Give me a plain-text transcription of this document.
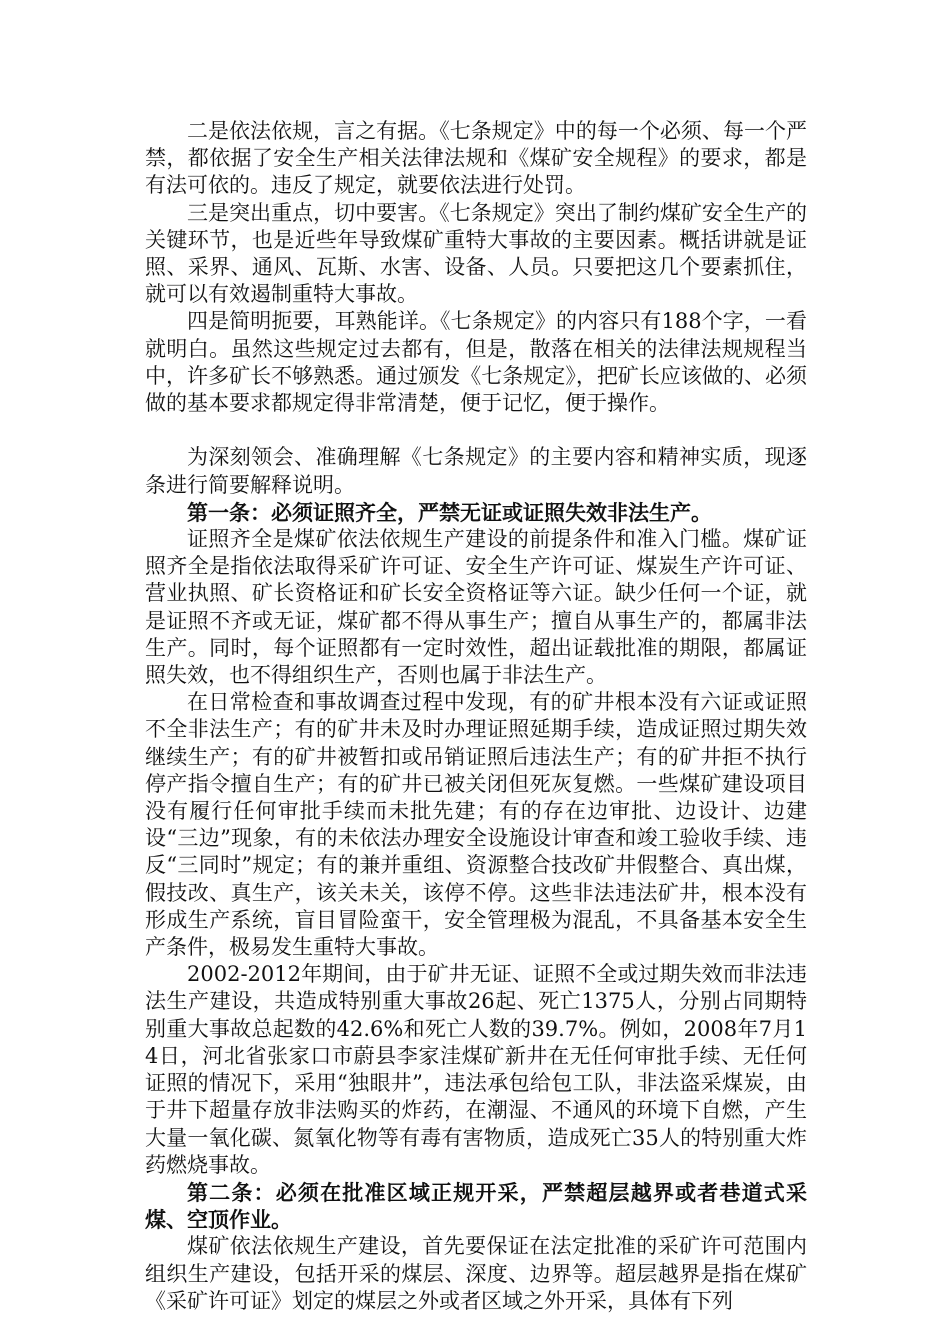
二是依法依规，言之有据。《七条规定》中的每一个必须、每一个严禁，都依据了安全生产相关法律法规和《煤矿安全规程》的要求，都是有法可依的。违反了规定，就要依法进行处罚。

三是突出重点，切中要害。《七条规定》突出了制约煤矿安全生产的关键环节，也是近些年导致煤矿重特大事故的主要因素。概括讲就是证照、采界、通风、瓦斯、水害、设备、人员。只要把这几个要素抓住，就可以有效遏制重特大事故。

四是简明扼要，耳熟能详。《七条规定》的内容只有188个字，一看就明白。虽然这些规定过去都有，但是，散落在相关的法律法规规程当中，许多矿长不够熟悉。通过颁发《七条规定》，把矿长应该做的、必须做的基本要求都规定得非常清楚，便于记忆，便于操作。

为深刻领会、准确理解《七条规定》的主要内容和精神实质，现逐条进行简要解释说明。

第一条：必须证照齐全，严禁无证或证照失效非法生产。

证照齐全是煤矿依法依规生产建设的前提条件和准入门槛。煤矿证照齐全是指依法取得采矿许可证、安全生产许可证、煤炭生产许可证、营业执照、矿长资格证和矿长安全资格证等六证。缺少任何一个证，就是证照不齐或无证，煤矿都不得从事生产；擅自从事生产的，都属非法生产。同时，每个证照都有一定时效性，超出证载批准的期限，都属证照失效，也不得组织生产，否则也属于非法生产。

在日常检查和事故调查过程中发现，有的矿井根本没有六证或证照不全非法生产；有的矿井未及时办理证照延期手续，造成证照过期失效继续生产；有的矿井被暂扣或吊销证照后违法生产；有的矿井拒不执行停产指令擅自生产；有的矿井已被关闭但死灰复燃。一些煤矿建设项目没有履行任何审批手续而未批先建；有的存在边审批、边设计、边建设“三边”现象，有的未依法办理安全设施设计审查和竣工验收手续、违反“三同时”规定；有的兼并重组、资源整合技改矿井假整合、真出煤，假技改、真生产，该关未关，该停不停。这些非法违法矿井，根本没有形成生产系统，盲目冒险蛮干，安全管理极为混乱，不具备基本安全生产条件，极易发生重特大事故。

2002-2012年期间，由于矿井无证、证照不全或过期失效而非法违法生产建设，共造成特别重大事故26起、死亡1375人，分别占同期特别重大事故总起数的42.6%和死亡人数的39.7%。例如，2008年7月14日，河北省张家口市蔚县李家洼煤矿新井在无任何审批手续、无任何证照的情况下，采用“独眼井”，违法承包给包工队，非法盗采煤炭，由于井下超量存放非法购买的炸药，在潮湿、不通风的环境下自燃，产生大量一氧化碳、氮氧化物等有毒有害物质，造成死亡35人的特别重大炸药燃烧事故。

第二条：必须在批准区域正规开采，严禁超层越界或者巷道式采煤、空顶作业。

煤矿依法依规生产建设，首先要保证在法定批准的采矿许可范围内组织生产建设，包括开采的煤层、深度、边界等。超层越界是指在煤矿《采矿许可证》划定的煤层之外或者区域之外开采，具体有下列
